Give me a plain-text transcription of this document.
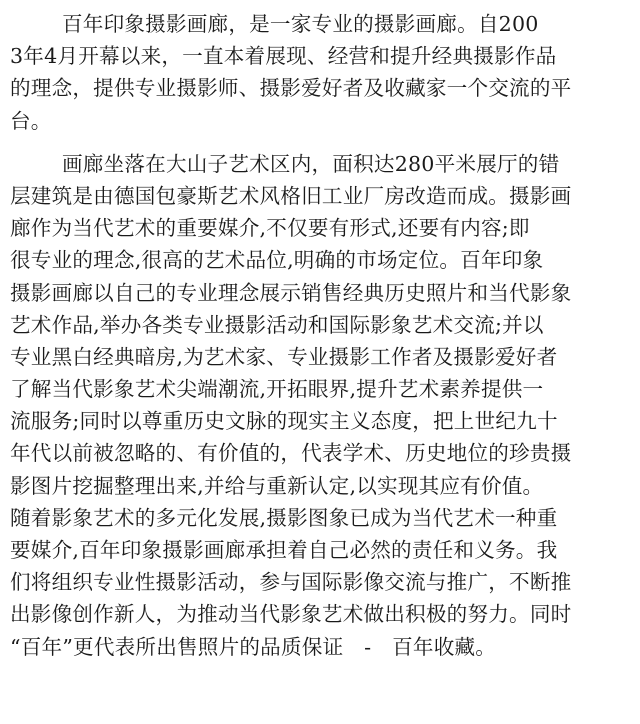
百年印象摄影画廊，是一家专业的摄影画廊。自200
3年4月开幕以来，一直本着展现、经营和提升经典摄影作品
的理念，提供专业摄影师、摄影爱好者及收藏家一个交流的平
台。
画廊坐落在大山子艺术区内，面积达280平米展厅的错
层建筑是由德国包豪斯艺术风格旧工业厂房改造而成。摄影画
廊作为当代艺术的重要媒介,不仅要有形式,还要有内容;即
很专业的理念,很高的艺术品位,明确的市场定位。百年印象
摄影画廊以自己的专业理念展示销售经典历史照片和当代影象
艺术作品,举办各类专业摄影活动和国际影象艺术交流;并以
专业黑白经典暗房,为艺术家、专业摄影工作者及摄影爱好者
了解当代影象艺术尖端潮流,开拓眼界,提升艺术素养提供一
流服务;同时以尊重历史文脉的现实主义态度，把上世纪九十
年代以前被忽略的、有价值的，代表学术、历史地位的珍贵摄
影图片挖掘整理出来,并给与重新认定,以实现其应有价值。
随着影象艺术的多元化发展,摄影图象已成为当代艺术一种重
要媒介,百年印象摄影画廊承担着自己必然的责任和义务。我
们将组织专业性摄影活动，参与国际影像交流与推广，不断推
出影像创作新人，为推动当代影象艺术做出积极的努力。同时
“百年”更代表所出售照片的品质保证　-　百年收藏。
